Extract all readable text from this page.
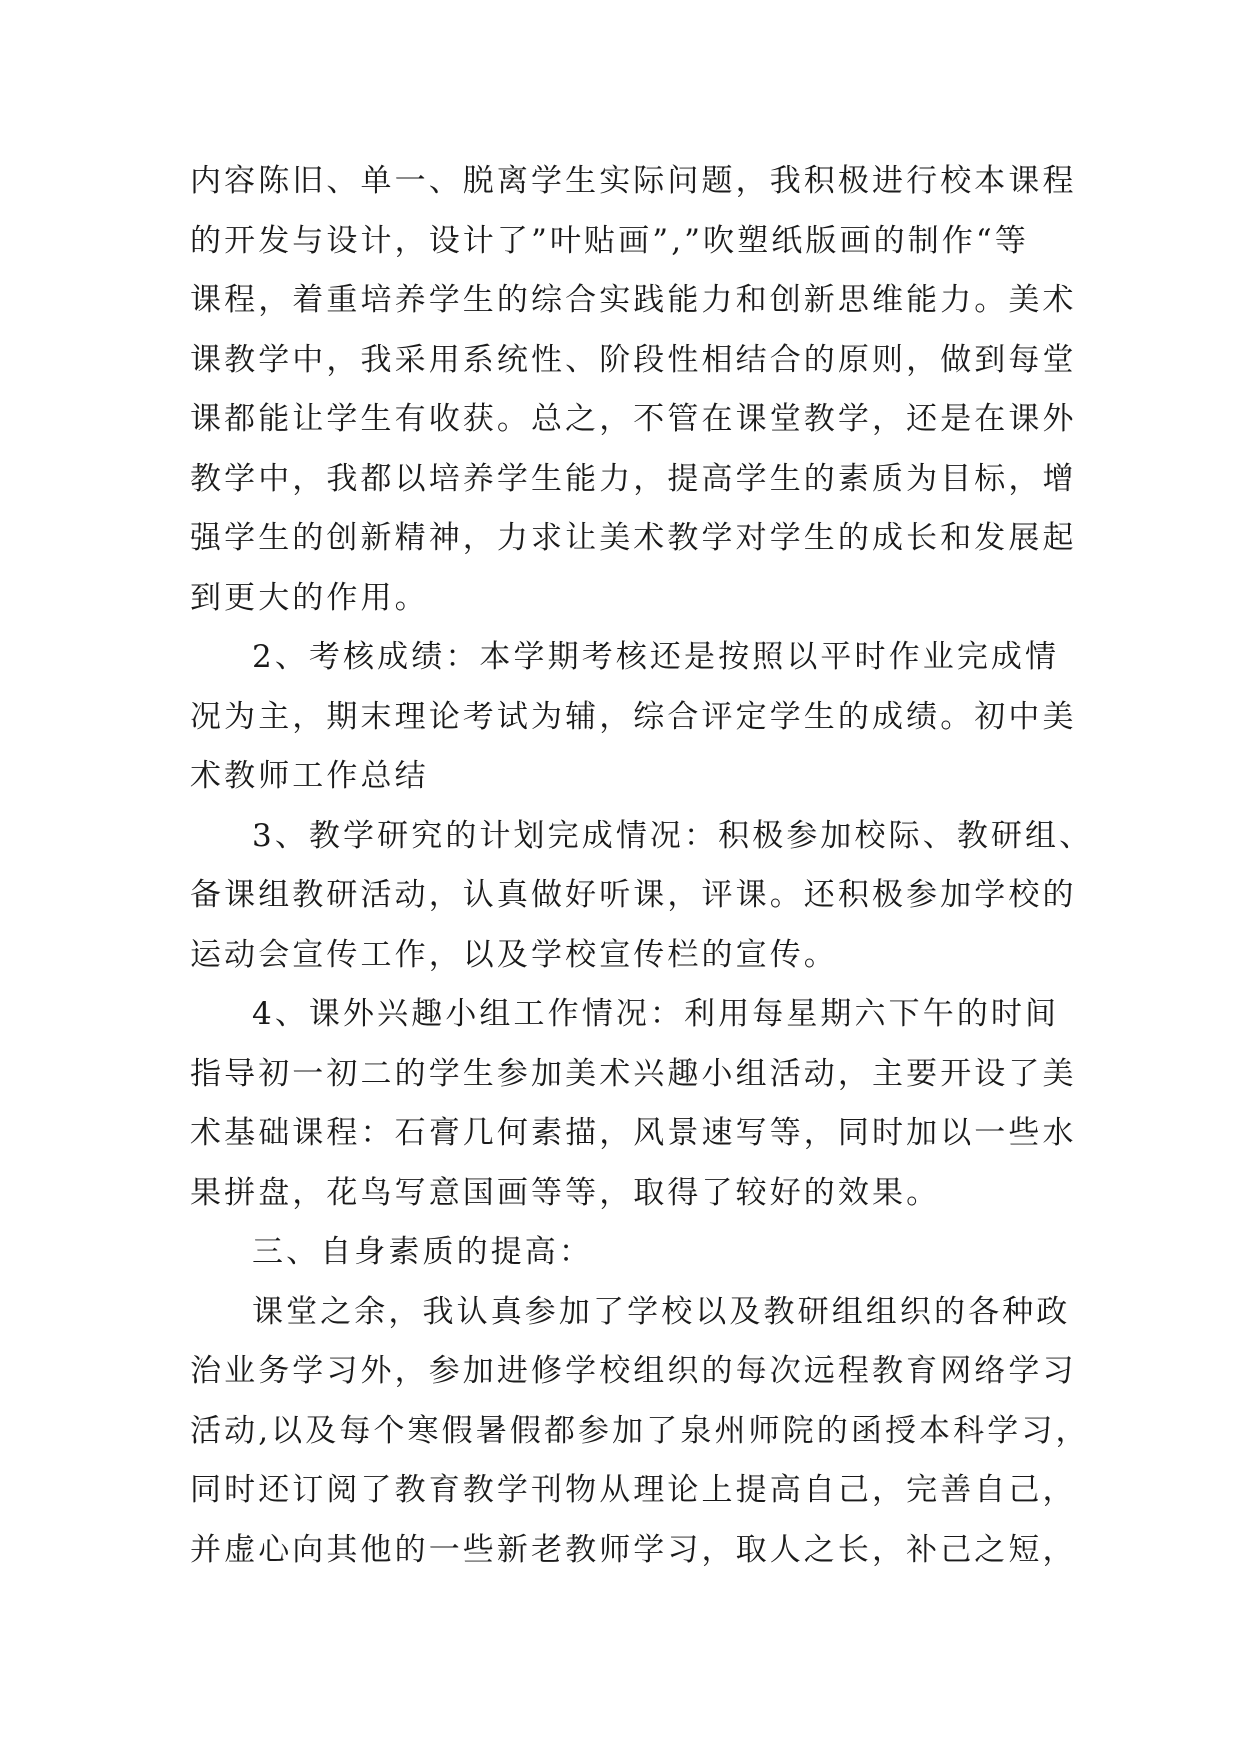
内容陈旧、单一、脱离学生实际问题，我积极进行校本课程
的开发与设计，设计了”叶贴画”,”吹塑纸版画的制作“等
课程，着重培养学生的综合实践能力和创新思维能力。美术
课教学中，我采用系统性、阶段性相结合的原则，做到每堂
课都能让学生有收获。总之，不管在课堂教学，还是在课外
教学中，我都以培养学生能力，提高学生的素质为目标，增
强学生的创新精神，力求让美术教学对学生的成长和发展起
到更大的作用。
2、考核成绩：本学期考核还是按照以平时作业完成情
况为主，期末理论考试为辅，综合评定学生的成绩。初中美
术教师工作总结
3、教学研究的计划完成情况：积极参加校际、教研组、
备课组教研活动，认真做好听课，评课。还积极参加学校的
运动会宣传工作，以及学校宣传栏的宣传。
4、课外兴趣小组工作情况：利用每星期六下午的时间
指导初一初二的学生参加美术兴趣小组活动，主要开设了美
术基础课程：石膏几何素描，风景速写等，同时加以一些水
果拼盘，花鸟写意国画等等，取得了较好的效果。
三、自身素质的提高：
课堂之余，我认真参加了学校以及教研组组织的各种政
治业务学习外，参加进修学校组织的每次远程教育网络学习
活动,以及每个寒假暑假都参加了泉州师院的函授本科学习，
同时还订阅了教育教学刊物从理论上提高自己，完善自己，
并虚心向其他的一些新老教师学习，取人之长，补己之短，
